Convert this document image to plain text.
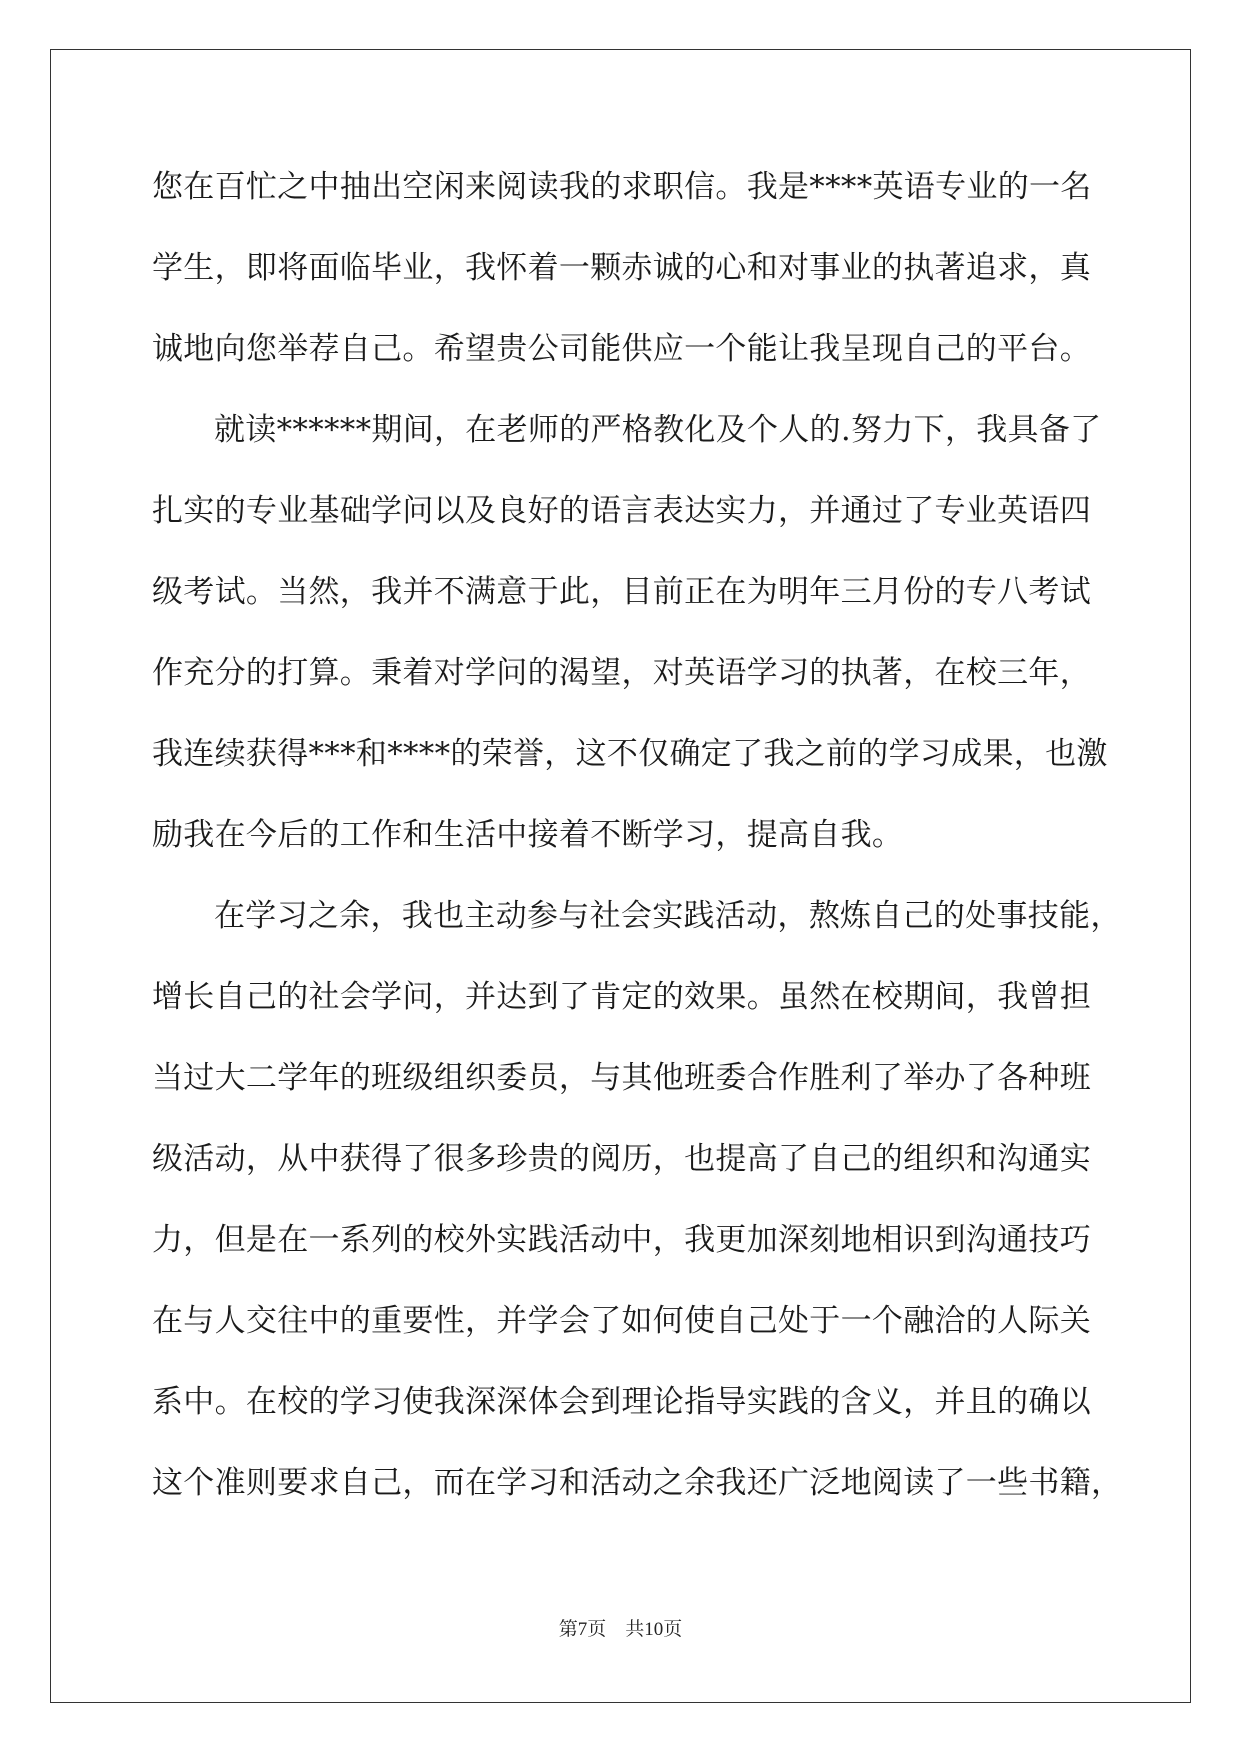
您在百忙之中抽出空闲来阅读我的求职信。我是****英语专业的一名
学生，即将面临毕业，我怀着一颗赤诚的心和对事业的执著追求，真
诚地向您举荐自己。希望贵公司能供应一个能让我呈现自己的平台。
就读******期间，在老师的严格教化及个人的.努力下，我具备了
扎实的专业基础学问以及良好的语言表达实力，并通过了专业英语四
级考试。当然，我并不满意于此，目前正在为明年三月份的专八考试
作充分的打算。秉着对学问的渴望，对英语学习的执著，在校三年，
我连续获得***和****的荣誉，这不仅确定了我之前的学习成果，也激
励我在今后的工作和生活中接着不断学习，提高自我。
在学习之余，我也主动参与社会实践活动，熬炼自己的处事技能，
增长自己的社会学问，并达到了肯定的效果。虽然在校期间，我曾担
当过大二学年的班级组织委员，与其他班委合作胜利了举办了各种班
级活动，从中获得了很多珍贵的阅历，也提高了自己的组织和沟通实
力，但是在一系列的校外实践活动中，我更加深刻地相识到沟通技巧
在与人交往中的重要性，并学会了如何使自己处于一个融洽的人际关
系中。在校的学习使我深深体会到理论指导实践的含义，并且的确以
这个准则要求自己，而在学习和活动之余我还广泛地阅读了一些书籍，
第7页　共10页
